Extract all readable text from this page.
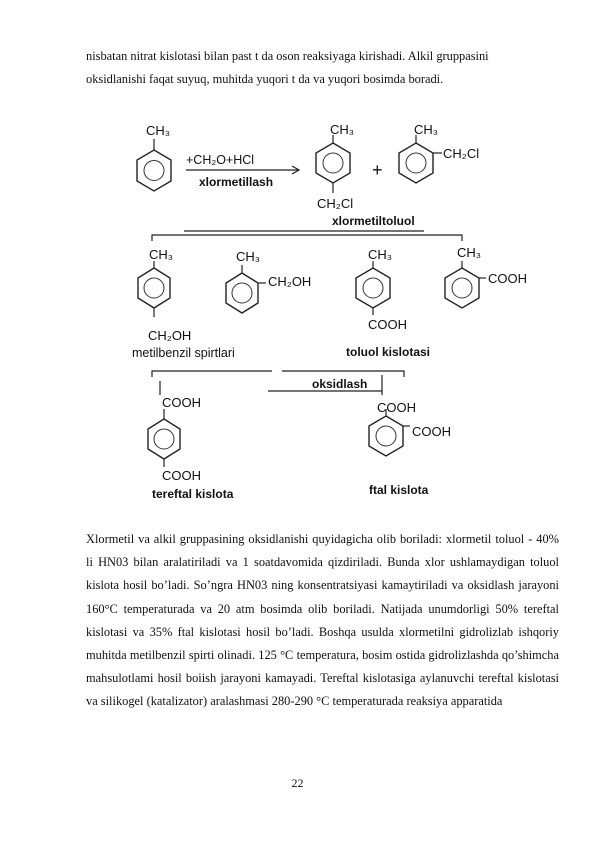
nisbatan nitrat kislotasi bilan past t da oson reaksiyaga kirishadi. Alkil gruppasini
oksidlanishi faqat suyuq, muhitda yuqori t da va yuqori bosimda boradi.
CH₃
+CH₂O+HCl
xlormetillash
CH₃
CH₂Cl
+
CH₃
CH₂Cl
xlormetiltoluol
CH₃
CH₂OH
CH₃
CH₂OH
metilbenzil spirtlari
CH₃
COOH
CH₃
COOH
toluol kislotasi
oksidlash
COOH
COOH
tereftal kislota
COOH
COOH
ftal kislota
Xlormetil va alkil gruppasining oksidlanishi quyidagicha olib boriladi: xlormetil toluol - 40% li HN03 bilan aralatiriladi va 1 soatdavomida qizdiriladi. Bunda xlor ushlamaydigan toluol kislota hosil bo’ladi. So’ngra HN03 ning konsentratsiyasi kamaytiriladi va oksidlash jarayoni 160°C temperaturada va 20 atm bosimda olib boriladi. Natijada unumdorligi 50% tereftal kislotasi va 35% ftal kislotasi hosil bo’ladi. Boshqa usulda xlormetilni gidrolizlab ishqoriy muhitda metilbenzil spirti olinadi. 125 °C temperatura, bosim ostida gidrolizlashda qo’shimcha mahsulotlami hosil boiish jarayoni kamayadi. Tereftal kislotasiga aylanuvchi tereftal kislotasi va silikogel (katalizator) aralashmasi 280-290 °C temperaturada reaksiya apparatida
22
